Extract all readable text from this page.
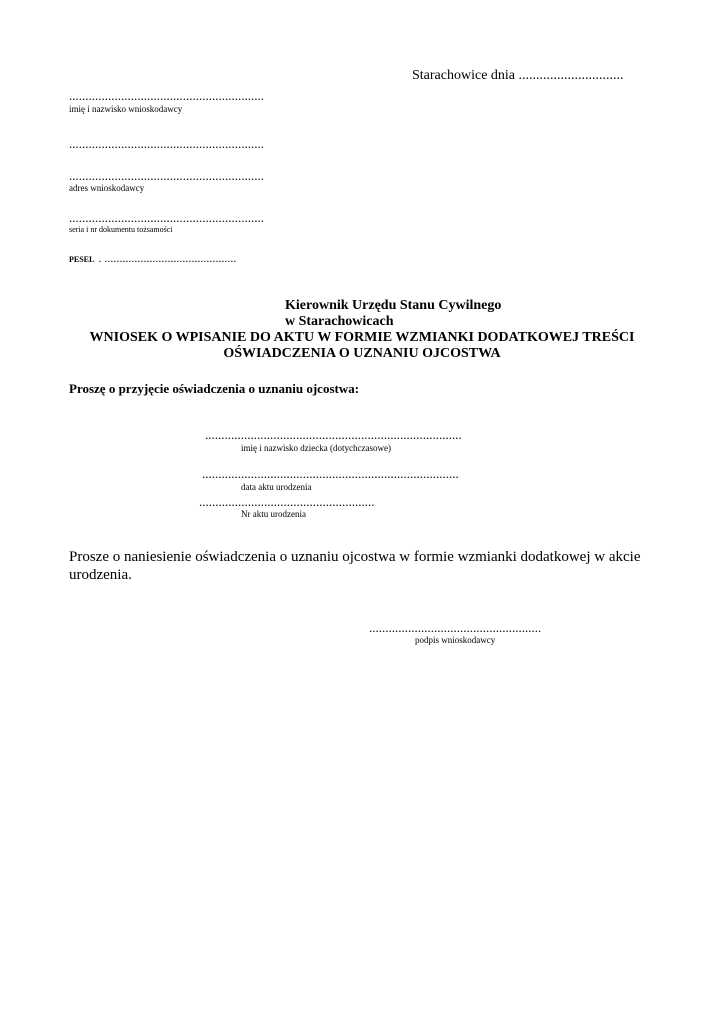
Starachowice dnia ..............................
............................................................
imię i nazwisko wnioskodawcy
............................................................
............................................................
adres wnioskodawcy
............................................................
seria i nr dokumentu tożsamości
PESEL . ............................................
Kierownik Urzędu Stanu Cywilnego
w Starachowicach
WNIOSEK O WPISANIE DO AKTU W FORMIE WZMIANKI DODATKOWEJ TREŚCI
OŚWIADCZENIA O UZNANIU OJCOSTWA
Proszę o przyjęcie oświadczenia o uznaniu ojcostwa:
...............................................................................
imię i nazwisko dziecka (dotychczasowe)
...............................................................................
data aktu urodzenia
......................................................
Nr aktu urodzenia
Prosze o naniesienie oświadczenia o uznaniu ojcostwa w formie wzmianki dodatkowej w akcie
urodzenia.
.....................................................
podpis wnioskodawcy
